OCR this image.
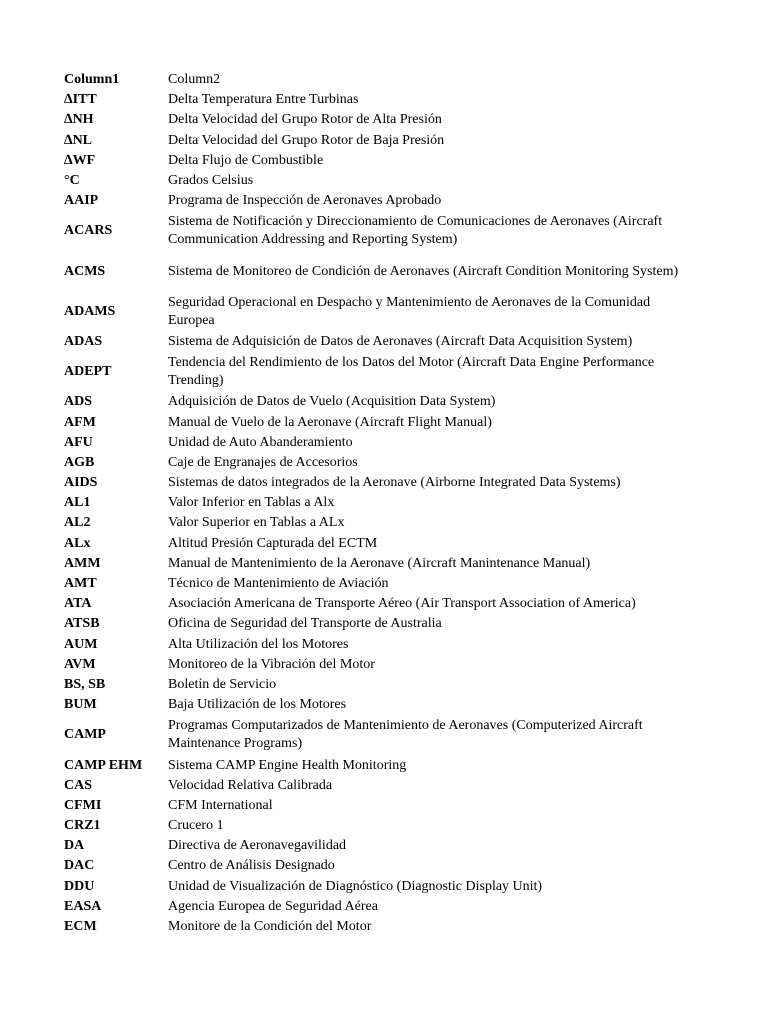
Column1	Column2
∆ITT	Delta Temperatura Entre Turbinas
∆NH	Delta Velocidad del Grupo Rotor de Alta Presión
∆NL	Delta Velocidad del Grupo Rotor de Baja Presión
∆WF	Delta Flujo de Combustible
°C	Grados Celsius
AAIP	Programa de Inspección de Aeronaves Aprobado
ACARS	Sistema de Notificación y Direccionamiento de Comunicaciones de Aeronaves (Aircraft Communication Addressing and Reporting System)
ACMS	Sistema de Monitoreo de Condición de Aeronaves (Aircraft Condition Monitoring System)
ADAMS	Seguridad Operacional en Despacho y Mantenimiento de Aeronaves de la Comunidad Europea
ADAS	Sistema de Adquisición de Datos de Aeronaves (Aircraft Data Acquisition System)
ADEPT	Tendencia del Rendimiento de los Datos del Motor (Aircraft Data Engine Performance Trending)
ADS	Adquisición de Datos de Vuelo (Acquisition Data System)
AFM	Manual de Vuelo de la Aeronave (Aircraft Flight Manual)
AFU	Unidad de Auto Abanderamiento
AGB	Caje de Engranajes de Accesorios
AIDS	Sistemas de datos integrados de la Aeronave (Airborne Integrated Data Systems)
AL1	Valor Inferior en Tablas a Alx
AL2	Valor Superior en Tablas a ALx
ALx	Altitud Presión Capturada del ECTM
AMM	Manual de Mantenimiento de la Aeronave (Aircraft Manintenance Manual)
AMT	Técnico de Mantenimiento de Aviación
ATA	Asociación Americana de Transporte Aéreo (Air Transport Association of America)
ATSB	Oficina de Seguridad del Transporte de Australia
AUM	Alta Utilización del los Motores
AVM	Monitoreo de la Vibración del Motor
BS, SB	Boletín de Servicio
BUM	Baja Utilización de los Motores
CAMP	Programas Computarizados de Mantenimiento de Aeronaves (Computerized Aircraft Maintenance Programs)
CAMP EHM	Sistema CAMP Engine Health Monitoring
CAS	Velocidad Relativa Calibrada
CFMI	CFM International
CRZ1	Crucero 1
DA	Directiva de Aeronavegavilidad
DAC	Centro de Análisis Designado
DDU	Unidad de Visualización de Diagnóstico (Diagnostic Display Unit)
EASA	Agencia Europea de Seguridad Aérea
ECM	Monitore de la Condición del Motor
